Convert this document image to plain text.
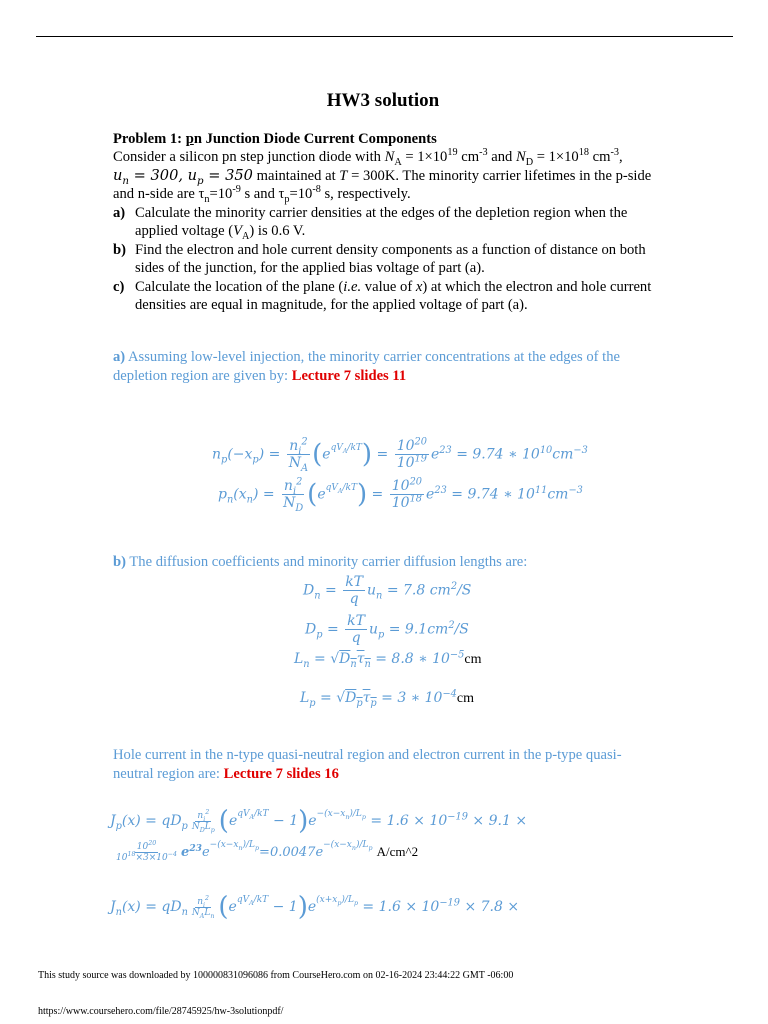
HW3 solution

Problem 1: pn Junction Diode Current Components

Consider a silicon pn step junction diode with $N_A = 1\times 10^{19}$ $cm^{-3}$ and $N_D = 1\times 10^{18}$ $cm^{-3}$,
$u_n = 300$, $u_p = 350$ maintained at T = 300K. The minority carrier lifetimes in the p-side
and n-side are $\tau_n=10^{-9}$ s and $\tau_p=10^{-8}$ s, respectively.

a) Calculate the minority carrier densities at the edges of the depletion region when the applied voltage $(V_A)$ is 0.6 V.
b) Find the electron and hole current density components as a function of distance on both sides of the junction, for the applied bias voltage of part (a).
c) Calculate the location of the plane (i.e. value of x) at which the electron and hole current densities are equal in magnitude, for the applied voltage of part (a).

a) Assuming low-level injection, the minority carrier concentrations at the edges of the depletion region are given by: Lecture 7 slides 11

$n_p(-x_p) = \frac{n_i^2}{N_A} (eqV_A/kT) = \frac{10^{20}}{10^{19}} e^{23} = 9.74$ ∗ $10^{10}cm^{-3}$
$p_n(x_n) = \frac{n_i^2}{N_D} (eqV_A/kT) = \frac{10^{20}}{10^{18}} e^{23} = 9.74$ ∗ $10^{11}cm^{-3}$

b) The diffusion coefficients and minority carrier diffusion lengths are:

$D_n = \frac{kT}{q} u_n = 7.8$ $cm^2/S$
$D_p = \frac{kT}{q} u_p = 9.1cm^2/S$
$L_n = √D_n\tau_n = 8.8$ ∗ $10^{-5}cm$
$L_p = √D_p\tau_p = 3$ ∗ $10^{-4}cm$

Hole current in the n-type quasi-neutral region and electron current in the p-type quasi-neutral region are: Lecture 7 slides 16

$J_p(x) = qD_p \frac{n_i^2}{N_DL_p} (eqV_A/kT - 1)e-(x-x_n)/L_p = 1.6 \times 10^{-19} \times 9.1$ ×
$\frac{10^{20}}{10^{18}\times 3\times 10^{-4}} e^{23}e-(x-x_n)/L_p=0.0047e-(x-x_n)/L_p$ A/cm^2
$J_n(x) = qD_n \frac{n_i^2}{N_AL_n} (eqV_A/kT - 1)e(x+x_p)/L_p = 1.6 \times 10^{-19} \times 7.8$ ×
This study source was downloaded by 100000831096086 from CourseHero.com on 02-16-2024 23:44:22 GMT -06:00
https://www.coursehero.com/file/28745925/hw-3solutionpdf/
